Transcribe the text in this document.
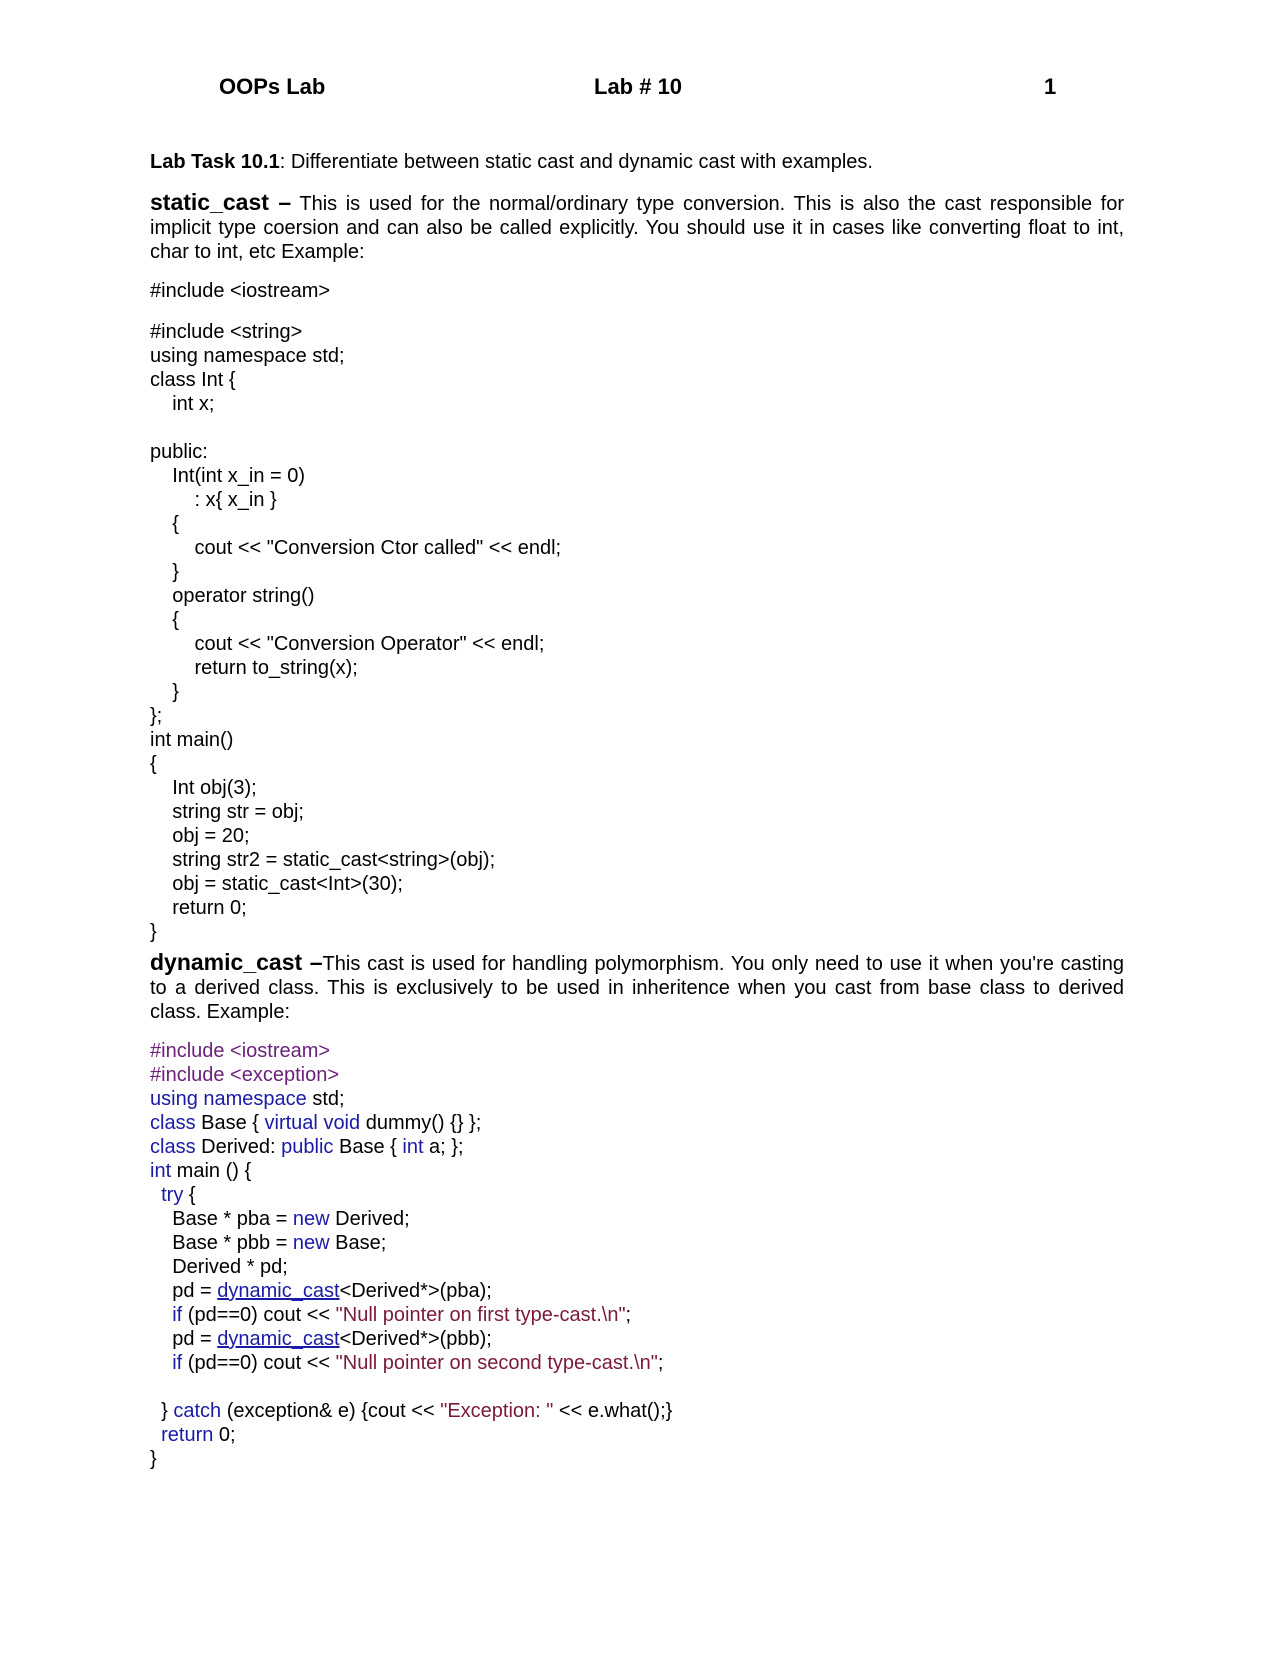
OOPs Lab	Lab # 10	1

Lab Task 10.1: Differentiate between static cast and dynamic cast with examples.

static_cast – This is used for the normal/ordinary type conversion. This is also the cast responsible for implicit type coersion and can also be called explicitly. You should use it in cases like converting float to int, char to int, etc Example:

#include <iostream>
#include <string>
using namespace std;
class Int {
int x;

public:
Int(int x_in = 0)
: x{ x_in }
{
cout << "Conversion Ctor called" << endl;
}
operator string()
{
cout << "Conversion Operator" << endl;
return to_string(x);
}
};
int main()
{
Int obj(3);
string str = obj;
obj = 20;
string str2 = static_cast<string>(obj);
obj = static_cast<Int>(30);
return 0;
}

dynamic_cast –This cast is used for handling polymorphism. You only need to use it when you're casting to a derived class. This is exclusively to be used in inheritence when you cast from base class to derived class. Example:

#include <iostream>
#include <exception>
using namespace std;
class Base { virtual void dummy() {} };
class Derived: public Base { int a; };
int main () {
try {
Base * pba = new Derived;
Base * pbb = new Base;
Derived * pd;
pd = dynamic_cast<Derived*>(pba);
if (pd==0) cout << "Null pointer on first type-cast.\n";
pd = dynamic_cast<Derived*>(pbb);
if (pd==0) cout << "Null pointer on second type-cast.\n";

} catch (exception& e) {cout << "Exception: " << e.what();}
return 0;
}
